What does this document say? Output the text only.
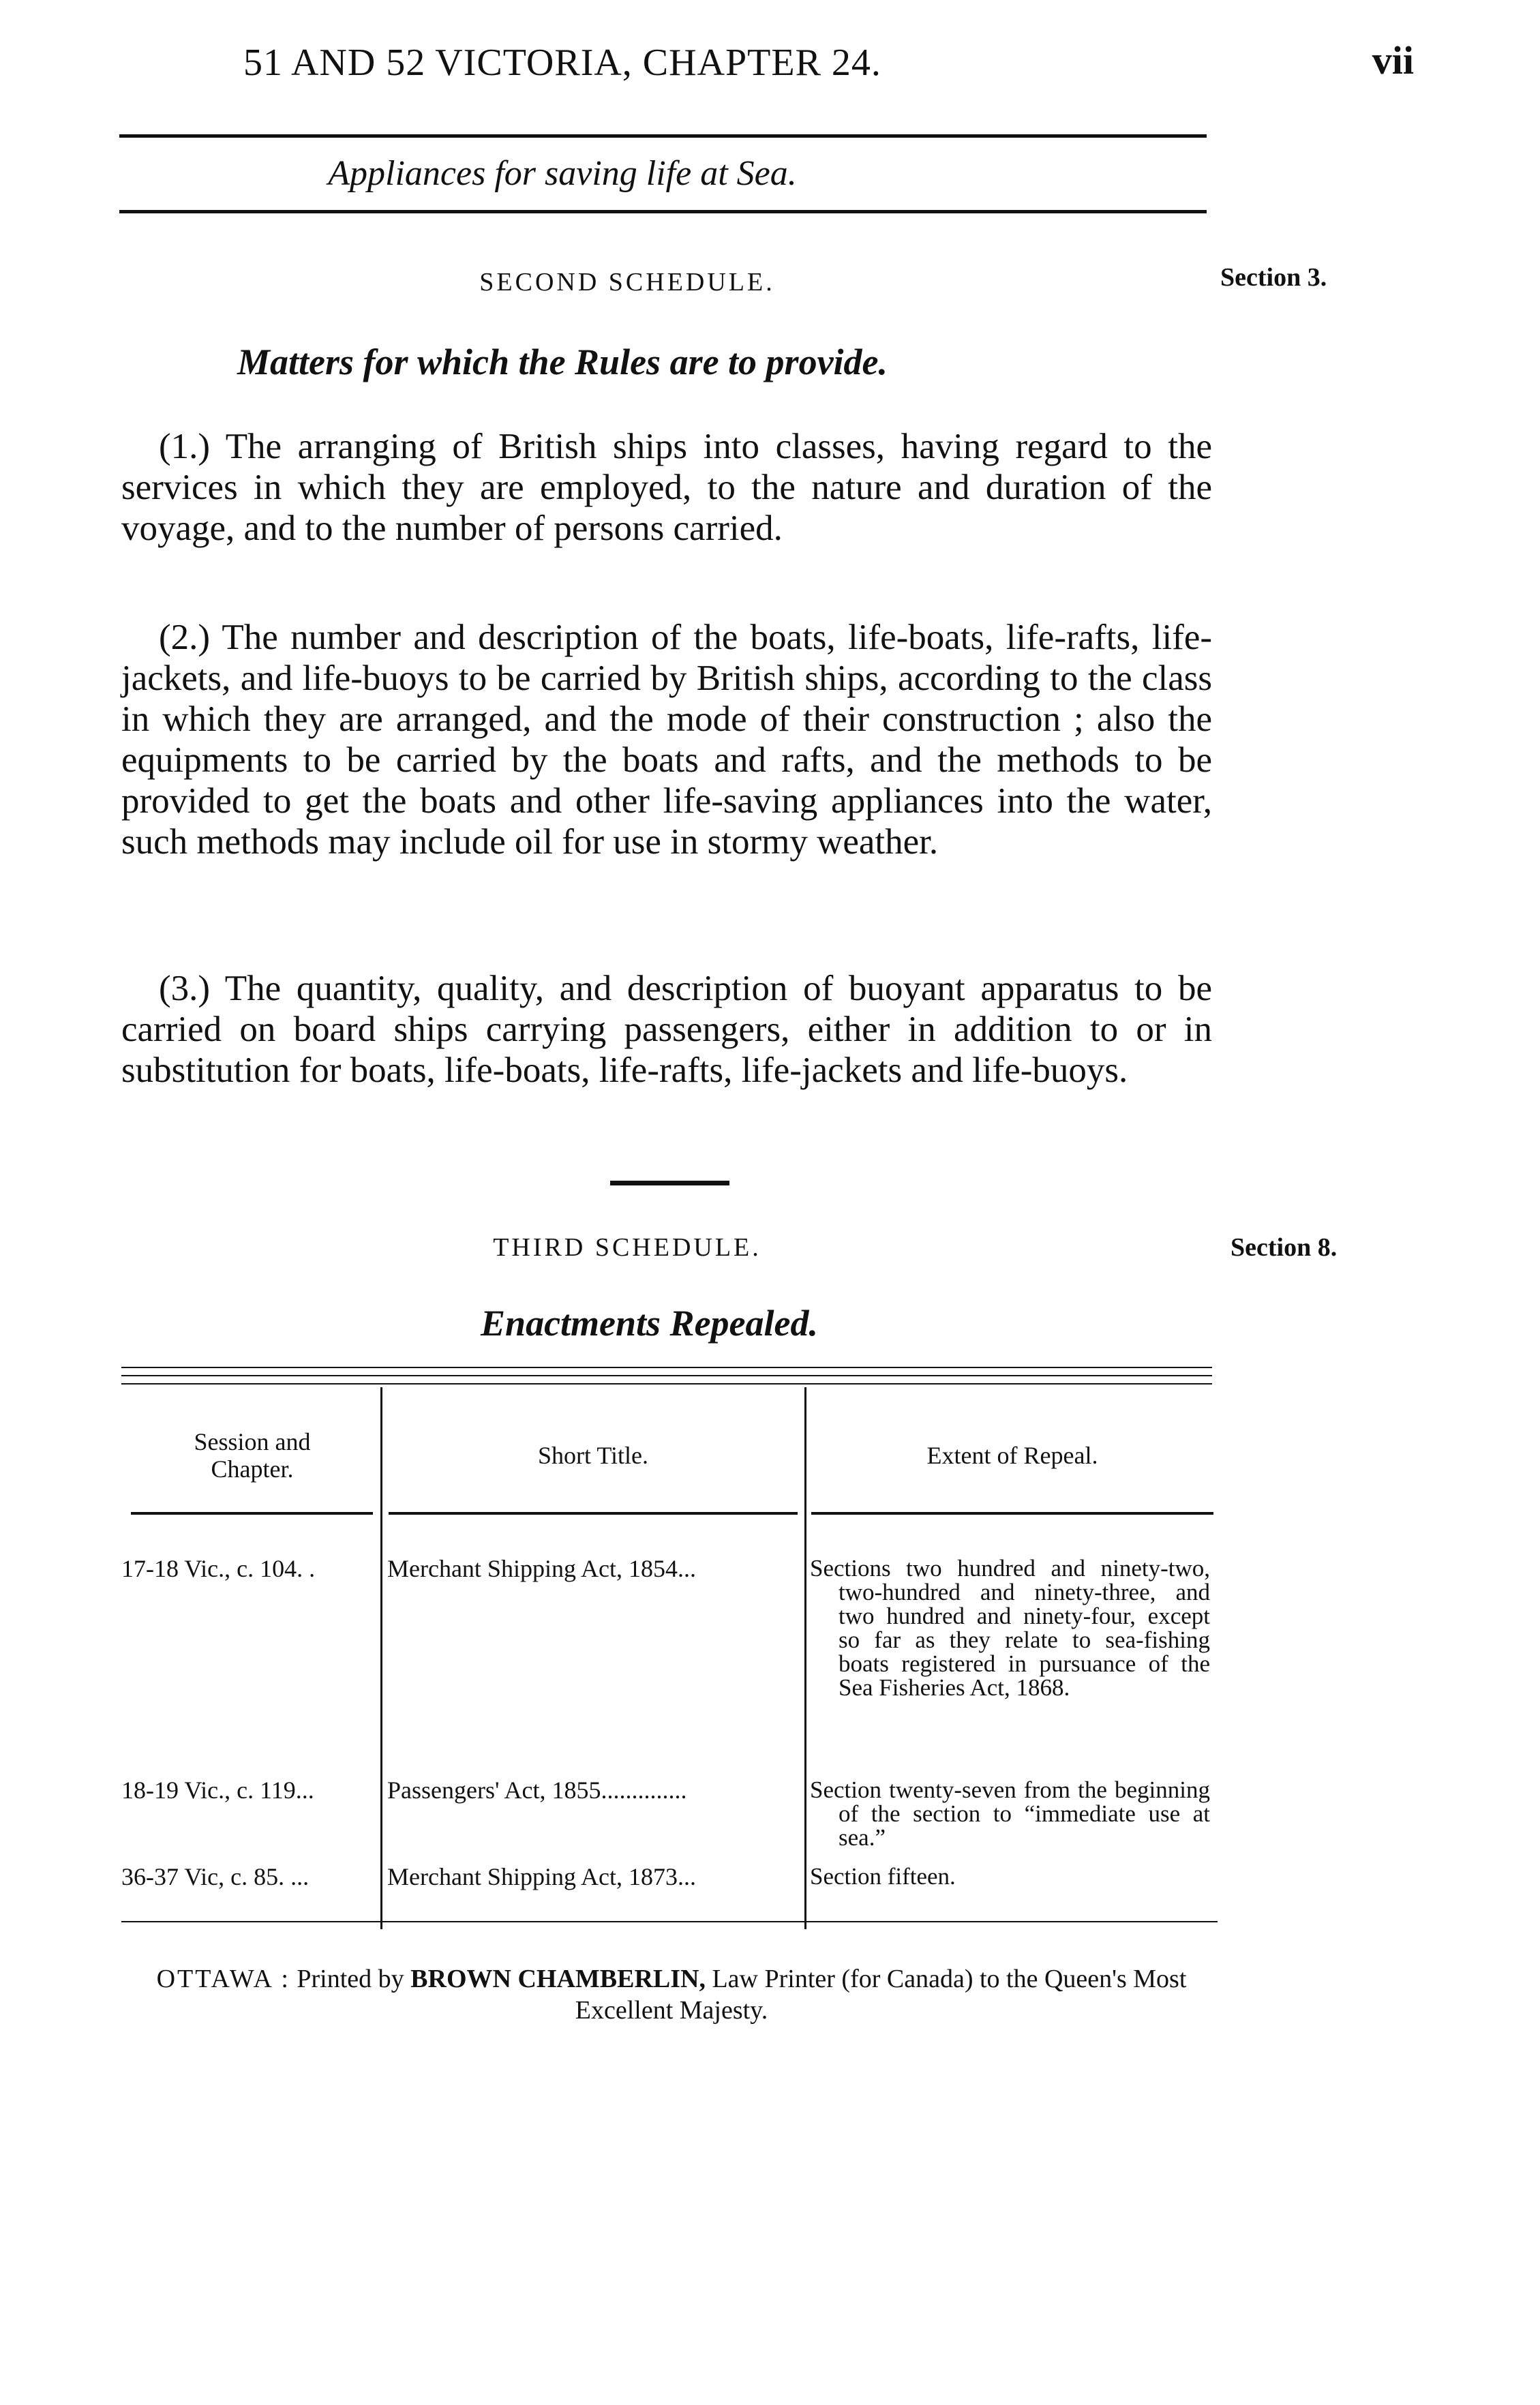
51 AND 52 VICTORIA, CHAPTER 24.	vii
Appliances for saving life at Sea.
SECOND SCHEDULE.	Section 3.
Matters for which the Rules are to provide.
(1.) The arranging of British ships into classes, having regard to the services in which they are employed, to the nature and duration of the voyage, and to the number of persons carried.
(2.) The number and description of the boats, life-boats, life-rafts, life-jackets, and life-buoys to be carried by British ships, according to the class in which they are arranged, and the mode of their construction ; also the equipments to be carried by the boats and rafts, and the methods to be provided to get the boats and other life-saving appliances into the water, such methods may include oil for use in stormy weather.
(3.) The quantity, quality, and description of buoyant apparatus to be carried on board ships carrying passengers, either in addition to or in substitution for boats, life-boats, life-rafts, life-jackets and life-buoys.
THIRD SCHEDULE.	Section 8.
Enactments Repealed.
Session and Chapter.	Short Title.	Extent of Repeal.
17-18 Vic., c. 104. .	Merchant Shipping Act, 1854...	Sections two hundred and ninety-two, two-hundred and ninety-three, and two hundred and ninety-four, except so far as they relate to sea-fishing boats registered in pursuance of the Sea Fisheries Act, 1868.
18-19 Vic., c. 119...	Passengers' Act, 1855..............	Section twenty-seven from the beginning of the section to “immediate use at sea.”
36-37 Vic, c. 85. ...	Merchant Shipping Act, 1873...	Section fifteen.
OTTAWA : Printed by BROWN CHAMBERLIN, Law Printer (for Canada) to the Queen's Most Excellent Majesty.
